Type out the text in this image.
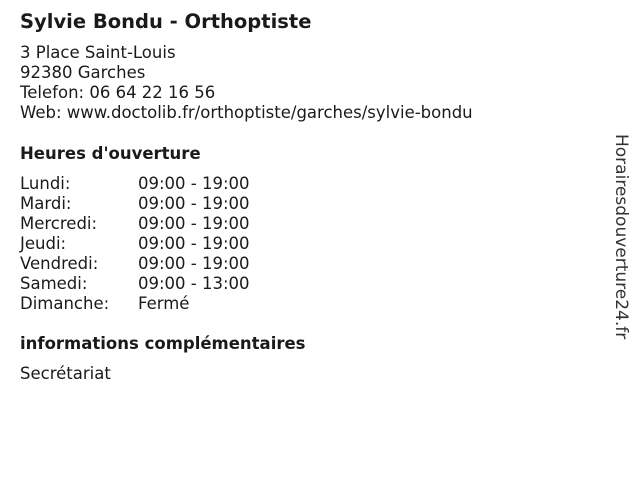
Sylvie Bondu - Orthoptiste
3 Place Saint-Louis
92380 Garches
Telefon: 06 64 22 16 56
Web: www.doctolib.fr/orthoptiste/garches/sylvie-bondu
Heures d'ouverture
Lundi:	09:00 - 19:00
Mardi:	09:00 - 19:00
Mercredi:	09:00 - 19:00
Jeudi:	09:00 - 19:00
Vendredi:	09:00 - 19:00
Samedi:	09:00 - 13:00
Dimanche:	Fermé
informations complémentaires
Secrétariat
Horairesdouverture24.fr
